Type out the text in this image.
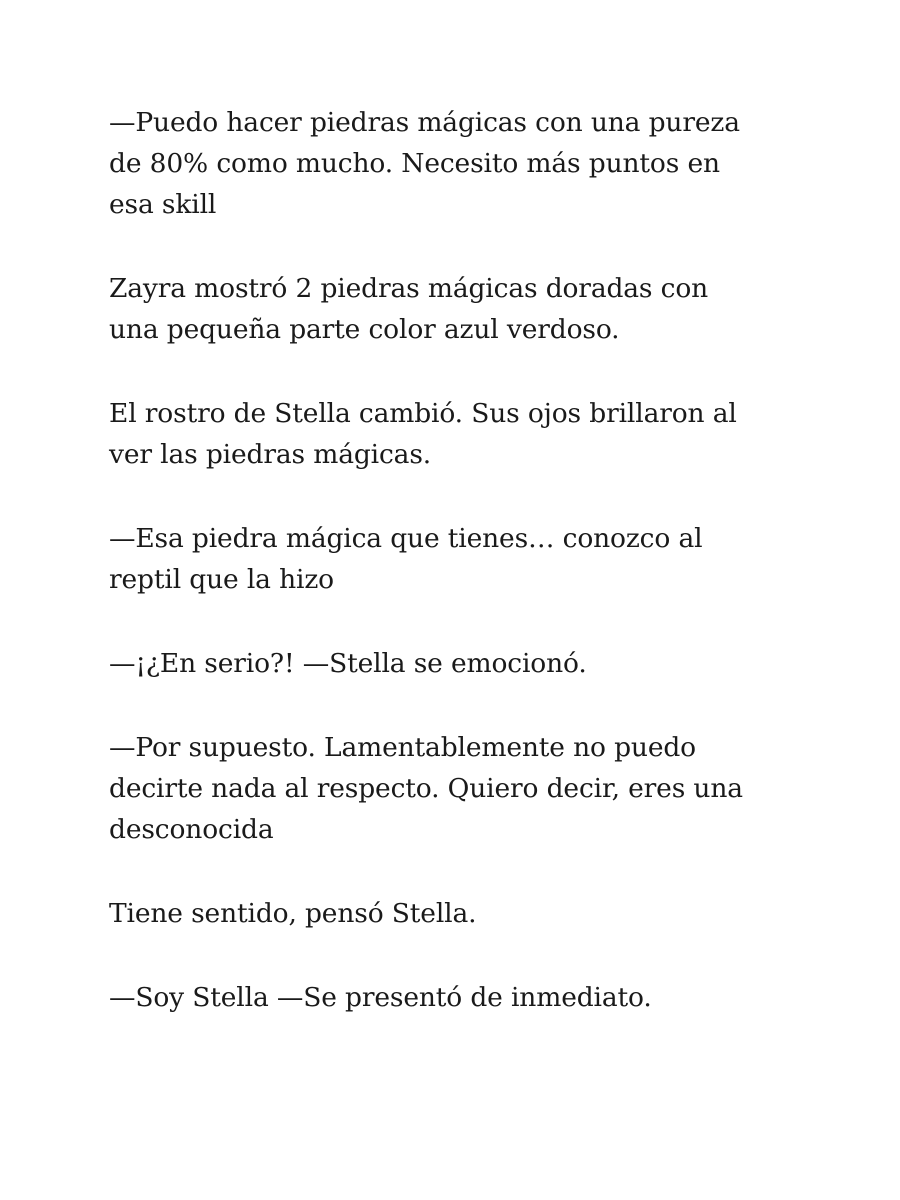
—Puedo hacer piedras mágicas con una pureza
de 80% como mucho. Necesito más puntos en
esa skill

Zayra mostró 2 piedras mágicas doradas con
una pequeña parte color azul verdoso.

El rostro de Stella cambió. Sus ojos brillaron al
ver las piedras mágicas.

—Esa piedra mágica que tienes… conozco al
reptil que la hizo

—¡¿En serio?! —Stella se emocionó.

—Por supuesto. Lamentablemente no puedo
decirte nada al respecto. Quiero decir, eres una
desconocida

Tiene sentido, pensó Stella.

—Soy Stella —Se presentó de inmediato.
